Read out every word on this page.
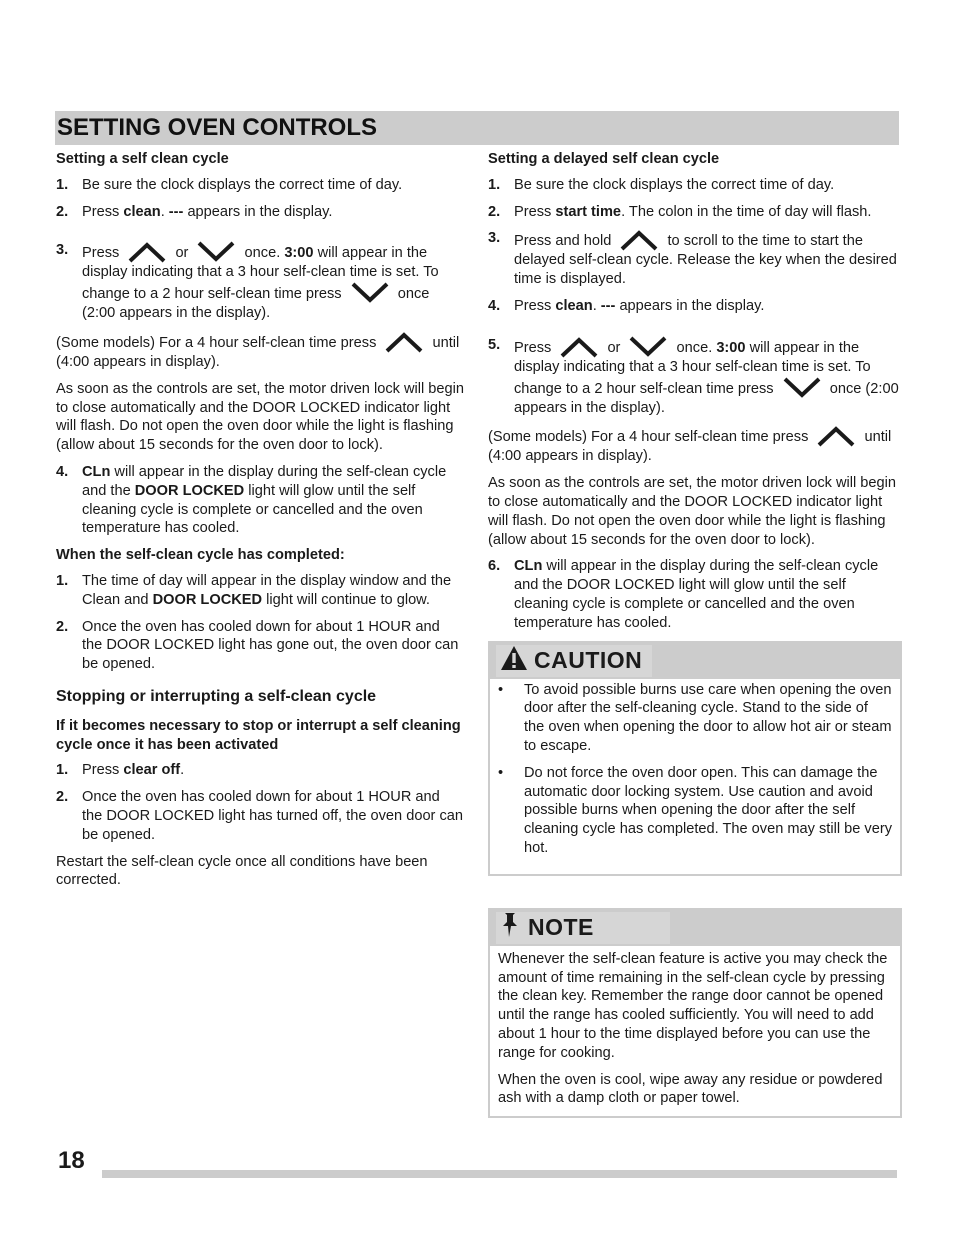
SETTING OVEN CONTROLS
Setting a self clean cycle
1. Be sure the clock displays the correct time of day.
2. Press clean. --- appears in the display.
3. Press	or	once. 3:00 will appear in the display indicating that a 3 hour self-clean time is set. To change to a 2 hour self-clean time press	once (2:00 appears in the display).

(Some models) For a 4 hour self-clean time press	until (4:00 appears in display).

As soon as the controls are set, the motor driven lock will begin to close automatically and the DOOR LOCKED indicator light will flash. Do not open the oven door while the light is flashing (allow about 15 seconds for the oven door to lock).

4. CLn will appear in the display during the self-clean cycle and the DOOR LOCKED light will glow until the self cleaning cycle is complete or cancelled and the oven temperature has cooled.
When the self-clean cycle has completed:
1. The time of day will appear in the display window and the Clean and DOOR LOCKED light will continue to glow.
2. Once the oven has cooled down for about 1 HOUR and the DOOR LOCKED light has gone out, the oven door can be opened.
Stopping or interrupting a self-clean cycle
If it becomes necessary to stop or interrupt a self cleaning cycle once it has been activated
1. Press clear off.
2. Once the oven has cooled down for about 1 HOUR and the DOOR LOCKED light has turned off, the oven door can be opened.

Restart the self-clean cycle once all conditions have been corrected.

Setting a delayed self clean cycle
1. Be sure the clock displays the correct time of day.
2. Press start time. The colon in the time of day will flash.
3. Press and hold	to scroll to the time to start the delayed self-clean cycle. Release the key when the desired time is displayed.
4. Press clean. --- appears in the display.
5. Press	or	once. 3:00 will appear in the display indicating that a 3 hour self-clean time is set. To change to a 2 hour self-clean time press	once (2:00 appears in the display).

(Some models) For a 4 hour self-clean time press	until (4:00 appears in display).

As soon as the controls are set, the motor driven lock will begin to close automatically and the DOOR LOCKED indicator light will flash. Do not open the oven door while the light is flashing (allow about 15 seconds for the oven door to lock).

6. CLn will appear in the display during the self-clean cycle and the DOOR LOCKED light will glow until the self cleaning cycle is complete or cancelled and the oven temperature has cooled.
CAUTION
• To avoid possible burns use care when opening the oven door after the self-cleaning cycle. Stand to the side of the oven when opening the door to allow hot air or steam to escape.
• Do not force the oven door open. This can damage the automatic door locking system. Use caution and avoid possible burns when opening the door after the self cleaning cycle has completed. The oven may still be very hot.
NOTE

Whenever the self-clean feature is active you may check the amount of time remaining in the self-clean cycle by pressing the clean key. Remember the range door cannot be opened until the range has cooled sufficiently. You will need to add about 1 hour to the time displayed before you can use the range for cooking.

When the oven is cool, wipe away any residue or powdered ash with a damp cloth or paper towel.

18
